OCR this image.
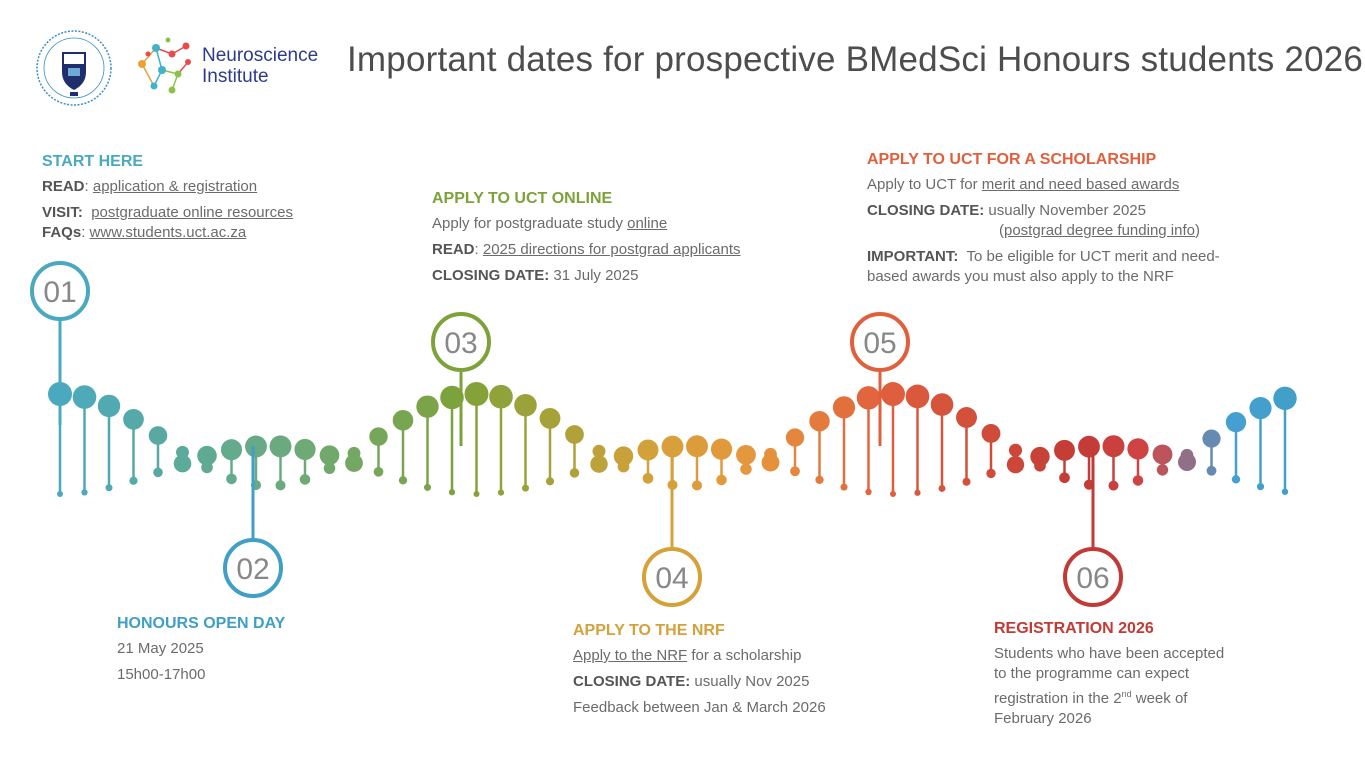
Neuroscience
Institute	Important dates for prospective BMedSci Honours students 2026
01
02
03
04
05
06
START HERE
READ: application & registration
VISIT: postgraduate online resources
FAQs: www.students.uct.ac.za
HONOURS OPEN DAY
21 May 2025
15h00-17h00
APPLY TO UCT ONLINE
Apply for postgraduate study online
READ: 2025 directions for postgrad applicants
CLOSING DATE: 31 July 2025
APPLY TO THE NRF
Apply to the NRF for a scholarship
CLOSING DATE: usually Nov 2025
Feedback between Jan & March 2026
APPLY TO UCT FOR A SCHOLARSHIP
Apply to UCT for merit and need based awards
CLOSING DATE: usually November 2025
(postgrad degree funding info)
IMPORTANT: To be eligible for UCT merit and need-
based awards you must also apply to the NRF
REGISTRATION 2026
Students who have been accepted
to the programme can expect
registration in the 2nd week of
February 2026
